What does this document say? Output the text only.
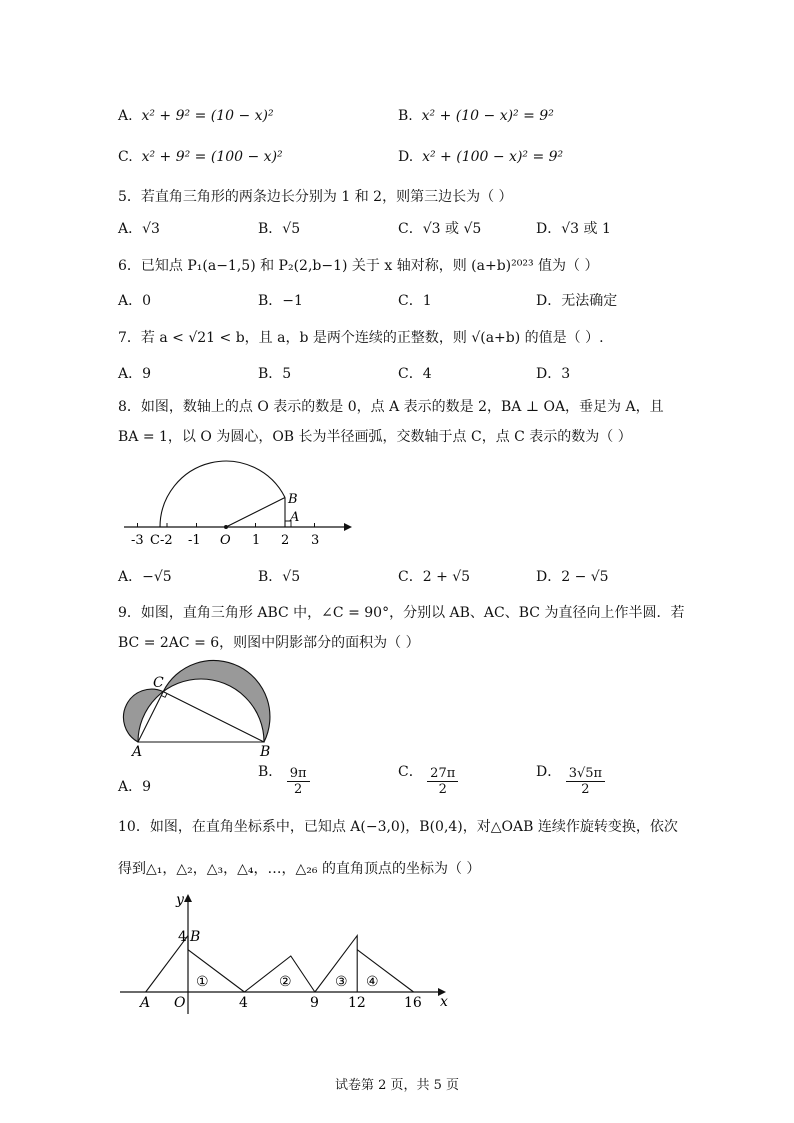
A. x² + 9² = (10 − x)²	B. x² + (10 − x)² = 9²
C. x² + 9² = (100 − x)²	D. x² + (100 − x)² = 9²
5．若直角三角形的两条边长分别为 1 和 2，则第三边长为（ ）
A．√3	B．√5	C．√3 或 √5	D．√3 或 1
6．已知点 P₁(a−1,5) 和 P₂(2,b−1) 关于 x 轴对称，则 (a+b)²⁰²³ 值为（ ）
A．0	B．−1	C．1	D．无法确定
7．若 a < √21 < b，且 a，b 是两个连续的正整数，则 √(a+b) 的值是（ ）.
A．9	B．5	C．4	D．3
8．如图，数轴上的点 O 表示的数是 0，点 A 表示的数是 2，BA ⊥ OA，垂足为 A，且
BA = 1，以 O 为圆心，OB 长为半径画弧，交数轴于点 C，点 C 表示的数为（ ）
B
A
-3 C-2 -1 O 1 2 3
A．−√5	B．√5	C．2 + √5	D．2 − √5
9．如图，直角三角形 ABC 中，∠C = 90°，分别以 AB、AC、BC 为直径向上作半圆．若
BC = 2AC = 6，则图中阴影部分的面积为（ ）
C
A	B
A．9
B． $\frac{9\pi}{2}$	C． $\frac{27\pi}{2}$	D． $\frac{3√5\pi}{2}$
10．如图，在直角坐标系中，已知点 A(−3,0)，B(0,4)，对△OAB 连续作旋转变换，依次
得到△₁，△₂，△₃，△₄，…，△₂₆ 的直角顶点的坐标为（ ）
y
x
4 B
A O	4	9 12	16
①	②	③ ④
试卷第 2 页，共 5 页
